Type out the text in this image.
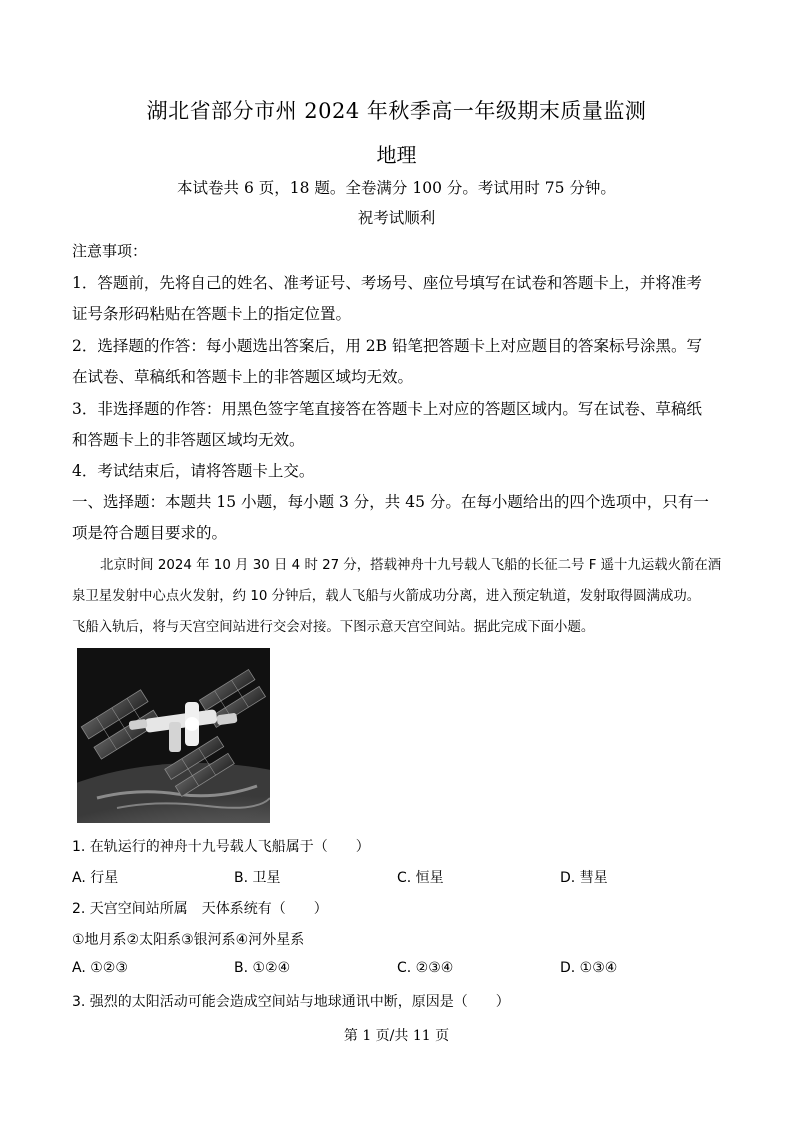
湖北省部分市州 2024 年秋季高一年级期末质量监测
地理
本试卷共 6 页，18 题。全卷满分 100 分。考试用时 75 分钟。
祝考试顺利
注意事项：
1．答题前，先将自己的姓名、准考证号、考场号、座位号填写在试卷和答题卡上，并将准考
证号条形码粘贴在答题卡上的指定位置。
2．选择题的作答：每小题选出答案后，用 2B 铅笔把答题卡上对应题目的答案标号涂黑。写
在试卷、草稿纸和答题卡上的非答题区域均无效。
3．非选择题的作答：用黑色签字笔直接答在答题卡上对应的答题区域内。写在试卷、草稿纸
和答题卡上的非答题区域均无效。
4．考试结束后，请将答题卡上交。
一、选择题：本题共 15 小题，每小题 3 分，共 45 分。在每小题给出的四个选项中，只有一
项是符合题目要求的。
北京时间 2024 年 10 月 30 日 4 时 27 分，搭载神舟十九号载人飞船的长征二号 F 遥十九运载火箭在酒
泉卫星发射中心点火发射，约 10 分钟后，载人飞船与火箭成功分离，进入预定轨道，发射取得圆满成功。
飞船入轨后，将与天宫空间站进行交会对接。下图示意天宫空间站。据此完成下面小题。
1. 在轨运行的神舟十九号载人飞船属于（　　）
A. 行星	B. 卫星	C. 恒星	D. 彗星
2. 天宫空间站所属　天体系统有（　　）
①地月系②太阳系③银河系④河外星系
A. ①②③	B. ①②④	C. ②③④	D. ①③④
3. 强烈的太阳活动可能会造成空间站与地球通讯中断，原因是（　　）
第 1 页/共 11 页
